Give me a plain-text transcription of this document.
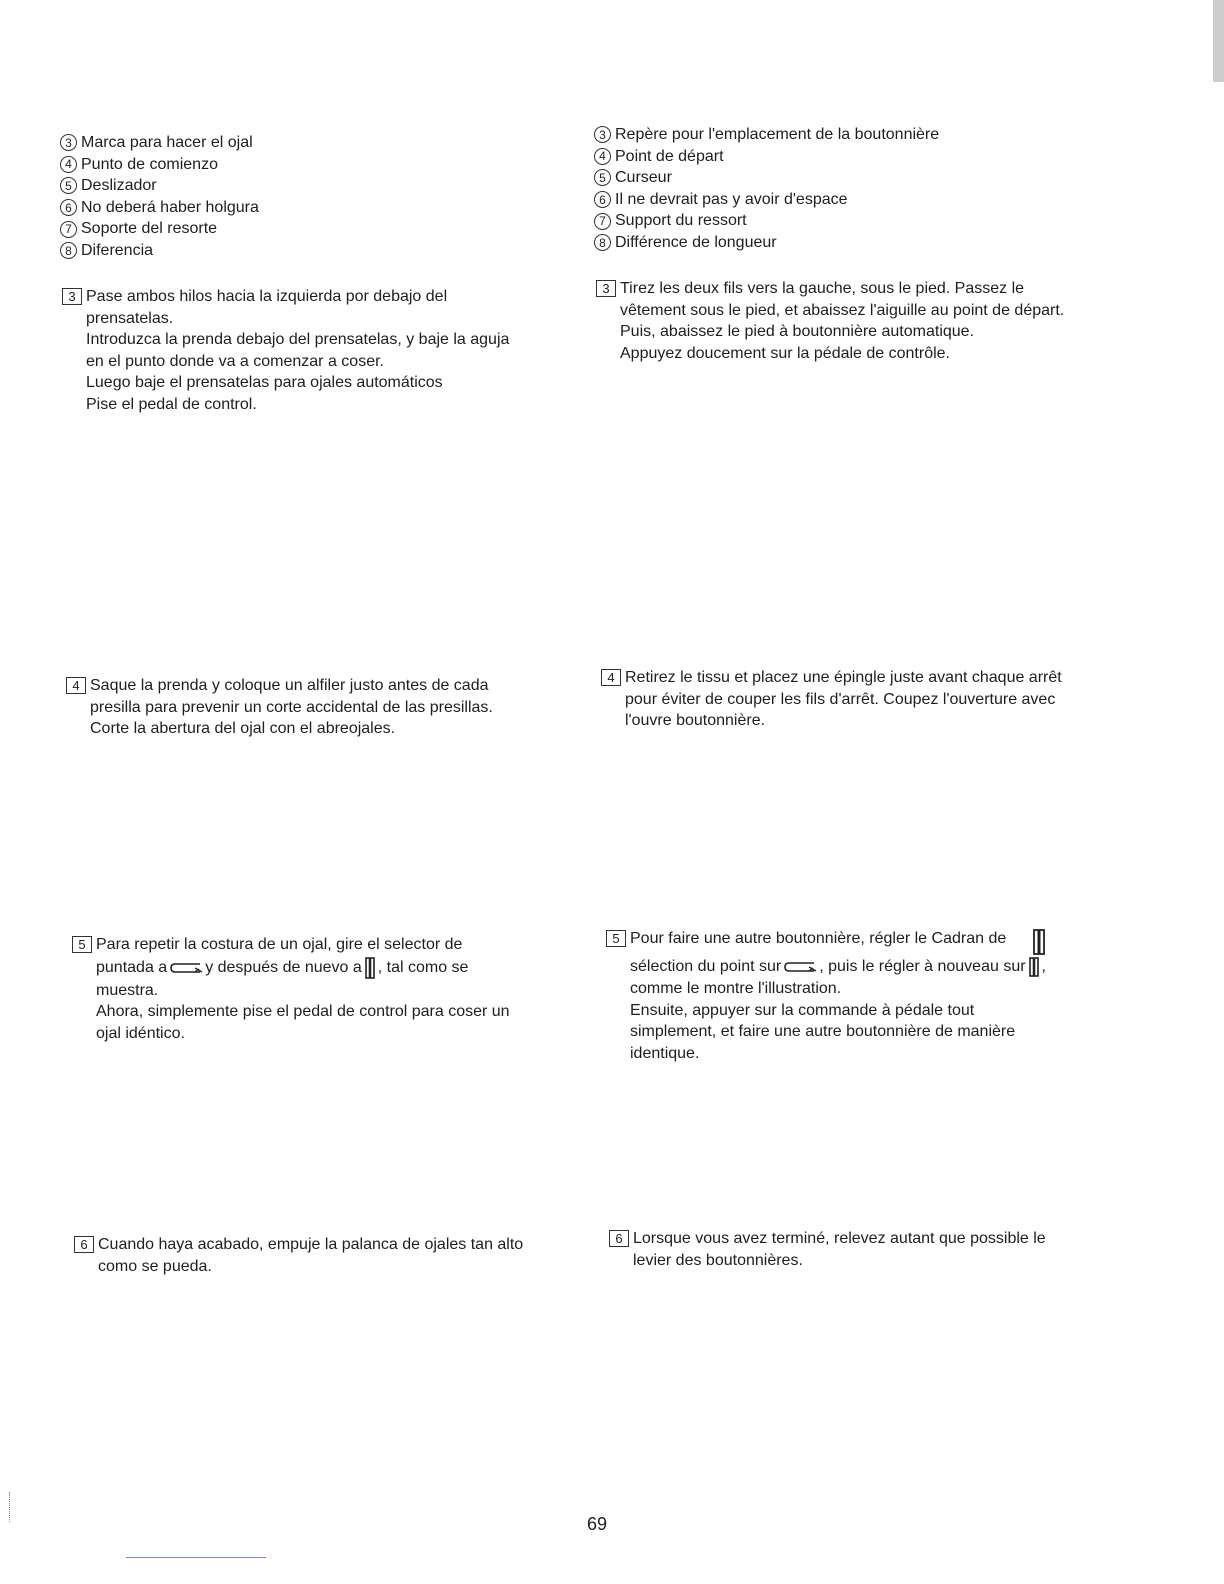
3 Marca para hacer el ojal
4 Punto de comienzo
5 Deslizador
6 No deberá haber holgura
7 Soporte del resorte
8 Diferencia
3 Repère pour l'emplacement de la boutonnière
4 Point de départ
5 Curseur
6 Il ne devrait pas y avoir d'espace
7 Support du ressort
8 Différence de longueur
3 Pase ambos hilos hacia la izquierda por debajo del
prensatelas.
Introduzca la prenda debajo del prensatelas, y baje la aguja
en el punto donde va a comenzar a coser.
Luego baje el prensatelas para ojales automáticos
Pise el pedal de control.
3 Tirez les deux fils vers la gauche, sous le pied. Passez le
vêtement sous le pied, et abaissez l'aiguille au point de départ.
Puis, abaissez le pied à boutonnière automatique.
Appuyez doucement sur la pédale de contrôle.
4 Saque la prenda y coloque un alfiler justo antes de cada
presilla para prevenir un corte accidental de las presillas.
Corte la abertura del ojal con el abreojales.
4 Retirez le tissu et placez une épingle juste avant chaque arrêt
pour éviter de couper les fils d'arrêt. Coupez l'ouverture avec
l'ouvre boutonnière.
5 Para repetir la costura de un ojal, gire el selector de
puntada a y después de nuevo a , tal como se
muestra.
Ahora, simplemente pise el pedal de control para coser un
ojal idéntico.
5 Pour faire une autre boutonnière, régler le Cadran de
sélection du point sur , puis le régler à nouveau sur ,
comme le montre l'illustration.
Ensuite, appuyer sur la commande à pédale tout
simplement, et faire une autre boutonnière de manière
identique.
6 Cuando haya acabado, empuje la palanca de ojales tan alto
como se pueda.
6 Lorsque vous avez terminé, relevez autant que possible le
levier des boutonnières.
69
